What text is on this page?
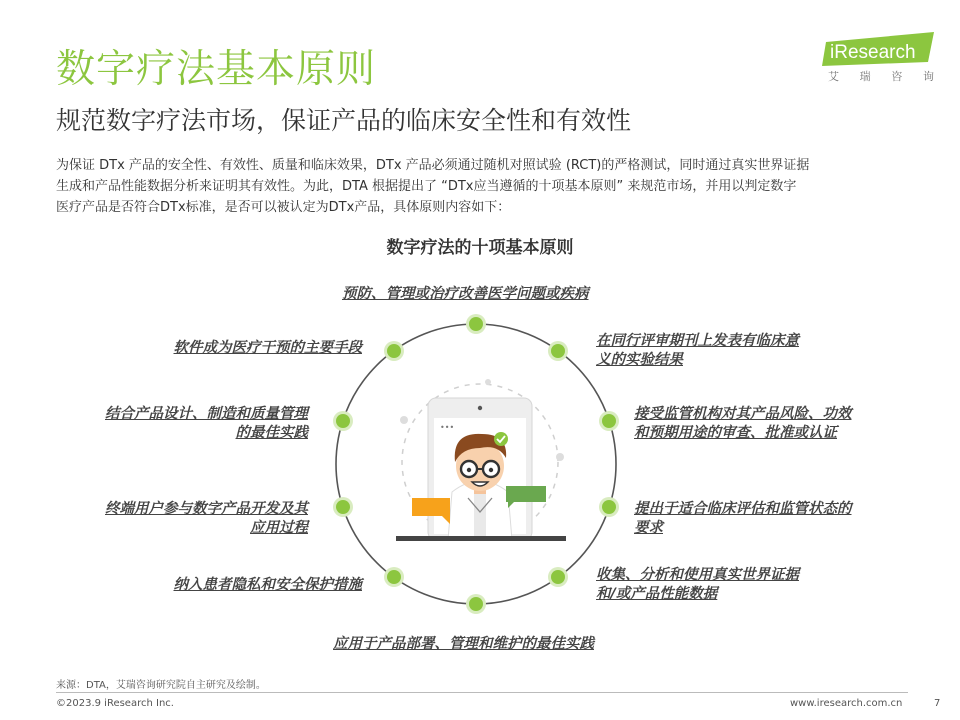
数字疗法基本原则
规范数字疗法市场，保证产品的临床安全性和有效性
iResearch
艾 瑞 咨 询

为保证 DTx 产品的安全性、有效性、质量和临床效果，DTx 产品必须通过随机对照试验 (RCT)的严格测试，同时通过真实世界证据

生成和产品性能数据分析来证明其有效性。为此，DTA 根据提出了 “DTx应当遵循的十项基本原则” 来规范市场，并用以判定数字

医疗产品是否符合DTx标准，是否可以被认定为DTx产品，具体原则内容如下：

数字疗法的十项基本原则
•••
预防、管理或治疗改善医学问题或疾病
在同行评审期刊上发表有临床意
义的实验结果
接受监管机构对其产品风险、功效
和预期用途的审查、批准或认证
提出于适合临床评估和监管状态的
要求
收集、分析和使用真实世界证据
和/或产品性能数据
应用于产品部署、管理和维护的最佳实践
纳入患者隐私和安全保护措施
终端用户参与数字产品开发及其
应用过程
结合产品设计、制造和质量管理
的最佳实践
软件成为医疗干预的主要手段
来源：DTA，艾瑞咨询研究院自主研究及绘制。
©2023.9 iResearch Inc.	www.iresearch.com.cn	7
